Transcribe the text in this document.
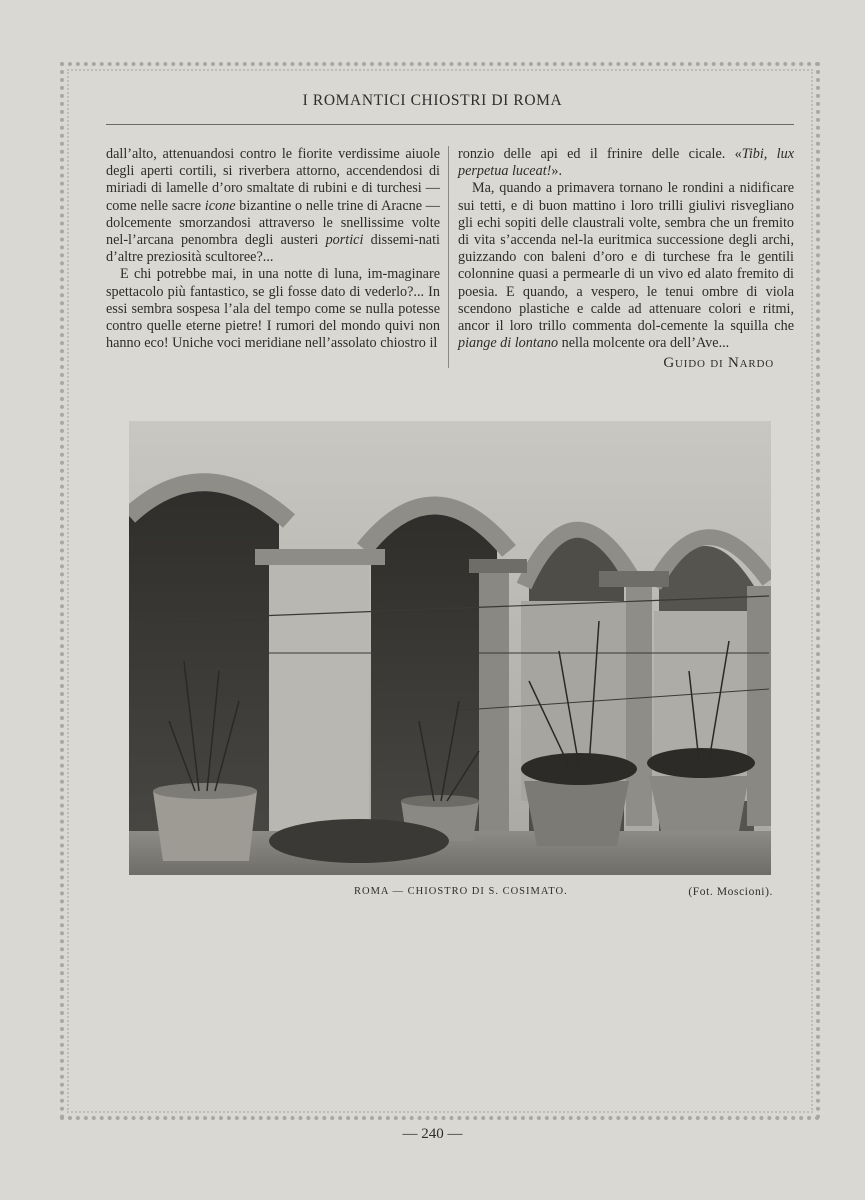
I ROMANTICI CHIOSTRI DI ROMA

dall’alto, attenuandosi contro le fiorite verdissime aiuole degli aperti cortili, si riverbera attorno, accendendosi di miriadi di lamelle d’oro smaltate di rubini e di turchesi — come nelle sacre icone bizantine o nelle trine di Aracne — dolcemente smorzandosi attraverso le snellissime volte nel-l’arcana penombra degli austeri portici dissemi-nati d’altre preziosità scultoree?...

E chi potrebbe mai, in una notte di luna, im-maginare spettacolo più fantastico, se gli fosse dato di vederlo?... In essi sembra sospesa l’ala del tempo come se nulla potesse contro quelle eterne pietre! I rumori del mondo quivi non hanno eco! Uniche voci meridiane nell’assolato chiostro il

ronzio delle api ed il frinire delle cicale. «Tibi, lux perpetua luceat!».

Ma, quando a primavera tornano le rondini a nidificare sui tetti, e di buon mattino i loro trilli giulivi risvegliano gli echi sopiti delle claustrali volte, sembra che un fremito di vita s’accenda nel-la euritmica successione degli archi, guizzando con baleni d’oro e di turchese fra le gentili colonnine quasi a permearle di un vivo ed alato fremito di poesia. E quando, a vespero, le tenui ombre di viola scendono plastiche e calde ad attenuare colori e ritmi, ancor il loro trillo commenta dol-cemente la squilla che piange di lontano nella molcente ora dell’Ave...
Guido di Nardo

ROMA — CHIOSTRO DI S. COSIMATO.	(Fot. Moscioni).
— 240 —
